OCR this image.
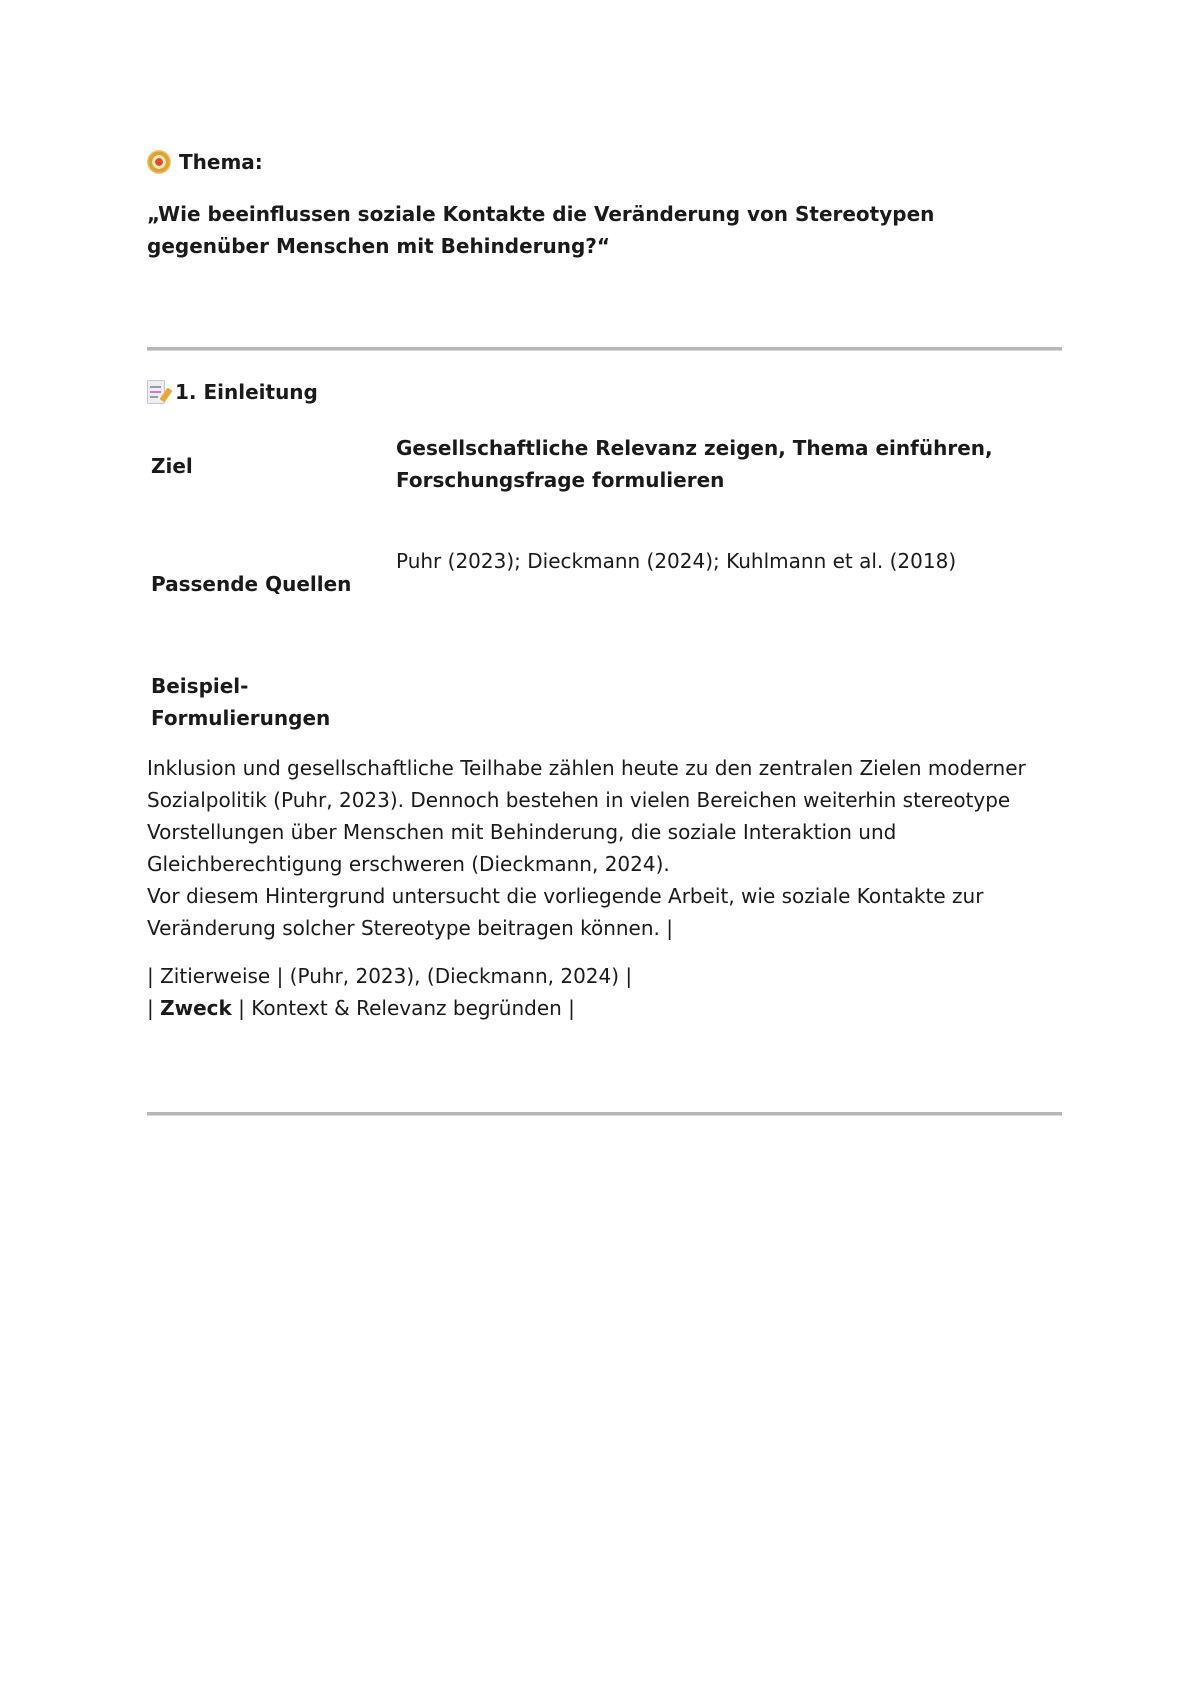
Thema:
„Wie beeinflussen soziale Kontakte die Veränderung von Stereotypen gegenüber Menschen mit Behinderung?“
1. Einleitung
Ziel
Gesellschaftliche Relevanz zeigen, Thema einführen, Forschungsfrage formulieren
Passende Quellen
Puhr (2023); Dieckmann (2024); Kuhlmann et al. (2018)
Beispiel-Formulierungen
Inklusion und gesellschaftliche Teilhabe zählen heute zu den zentralen Zielen moderner Sozialpolitik (Puhr, 2023). Dennoch bestehen in vielen Bereichen weiterhin stereotype Vorstellungen über Menschen mit Behinderung, die soziale Interaktion und Gleichberechtigung erschweren (Dieckmann, 2024).
Vor diesem Hintergrund untersucht die vorliegende Arbeit, wie soziale Kontakte zur Veränderung solcher Stereotype beitragen können. |
| Zitierweise | (Puhr, 2023), (Dieckmann, 2024) |
| Zweck | Kontext & Relevanz begründen |
